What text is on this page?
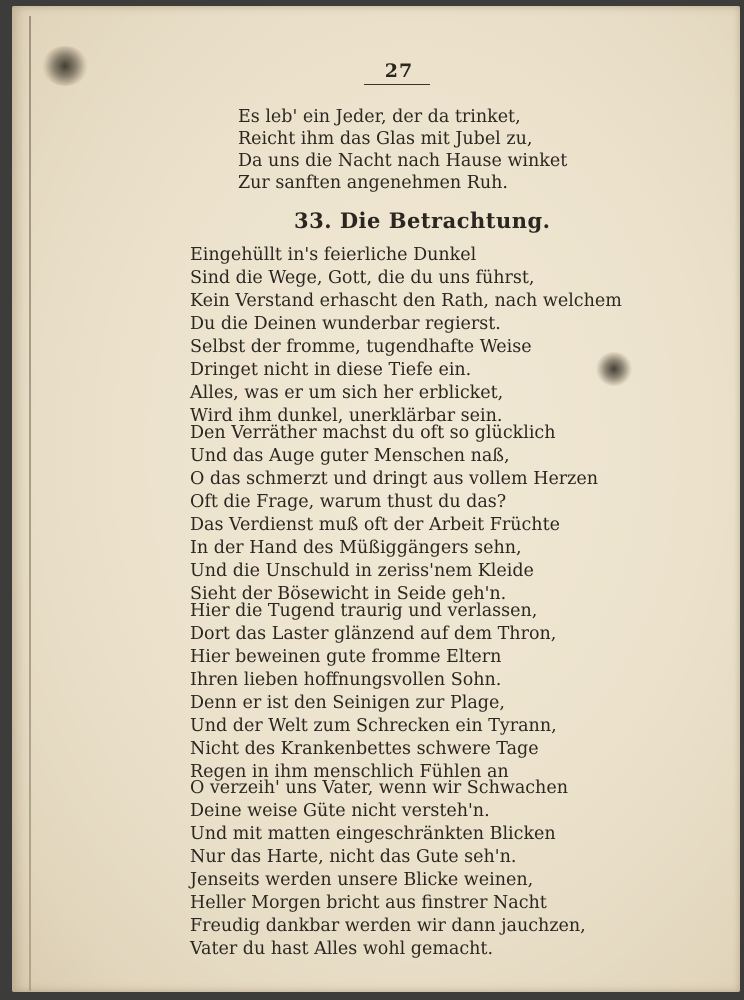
27
Es leb' ein Jeder, der da trinket,
Reicht ihm das Glas mit Jubel zu,
Da uns die Nacht nach Hause winket
Zur sanften angenehmen Ruh.
33. Die Betrachtung.
Eingehüllt in's feierliche Dunkel
Sind die Wege, Gott, die du uns führst,
Kein Verstand erhascht den Rath, nach welchem
Du die Deinen wunderbar regierst.
Selbst der fromme, tugendhafte Weise
Dringet nicht in diese Tiefe ein.
Alles, was er um sich her erblicket,
Wird ihm dunkel, unerklärbar sein.
Den Verräther machst du oft so glücklich
Und das Auge guter Menschen naß,
O das schmerzt und dringt aus vollem Herzen
Oft die Frage, warum thust du das?
Das Verdienst muß oft der Arbeit Früchte
In der Hand des Müßiggängers sehn,
Und die Unschuld in zeriss'nem Kleide
Sieht der Bösewicht in Seide geh'n.
Hier die Tugend traurig und verlassen,
Dort das Laster glänzend auf dem Thron,
Hier beweinen gute fromme Eltern
Ihren lieben hoffnungsvollen Sohn.
Denn er ist den Seinigen zur Plage,
Und der Welt zum Schrecken ein Tyrann,
Nicht des Krankenbettes schwere Tage
Regen in ihm menschlich Fühlen an
O verzeih' uns Vater, wenn wir Schwachen
Deine weise Güte nicht versteh'n.
Und mit matten eingeschränkten Blicken
Nur das Harte, nicht das Gute seh'n.
Jenseits werden unsere Blicke weinen,
Heller Morgen bricht aus finstrer Nacht
Freudig dankbar werden wir dann jauchzen,
Vater du hast Alles wohl gemacht.
